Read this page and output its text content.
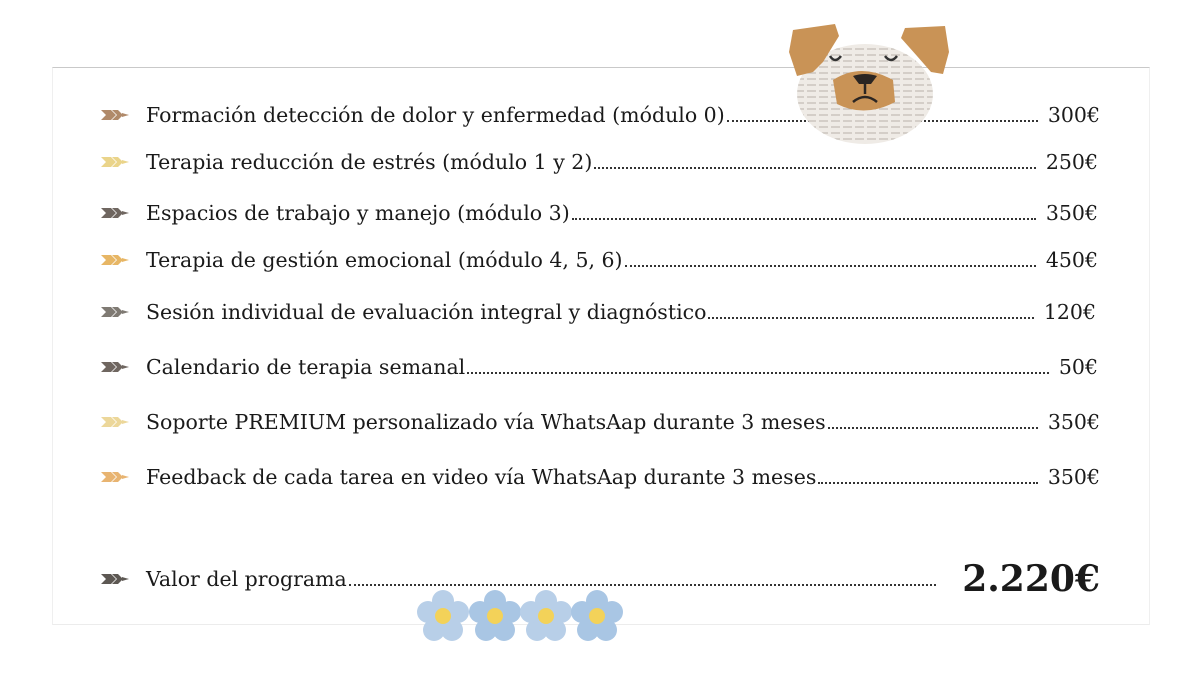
Formación detección de dolor y enfermedad (módulo 0)	300€
Terapia reducción de estrés (módulo 1 y 2)	250€
Espacios de trabajo y manejo (módulo 3)	350€
Terapia de gestión emocional (módulo 4, 5, 6)	450€
Sesión individual de evaluación integral y diagnóstico	120€
Calendario de terapia semanal	50€
Soporte PREMIUM personalizado vía WhatsAap durante 3 meses	350€
Feedback de cada tarea en video vía WhatsAap durante 3 meses	350€
Valor del programa	2.220€
